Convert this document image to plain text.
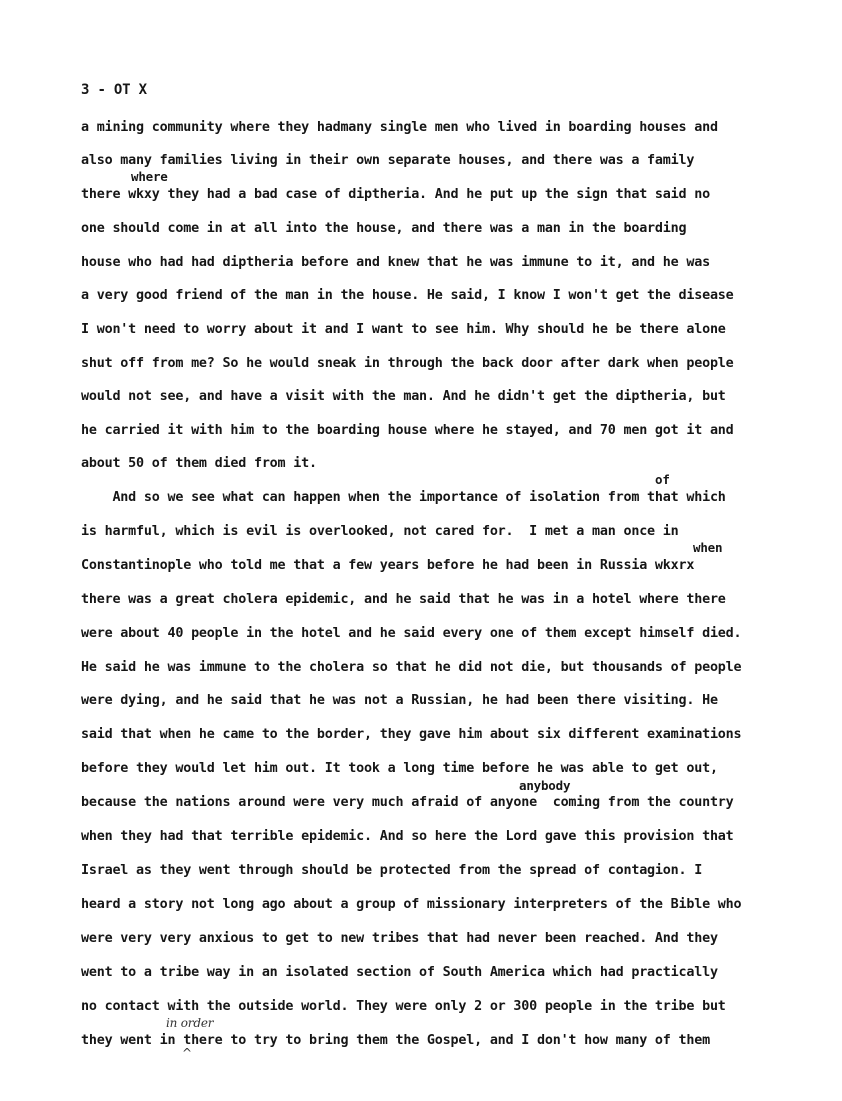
3 - OT X
a mining community where they hadmany single men who lived in boarding houses and
also many families living in their own separate houses, and there was a family
where
there wkxy they had a bad case of diptheria. And he put up the sign that said no
one should come in at all into the house, and there was a man in the boarding
house who had had diptheria before and knew that he was immune to it, and he was
a very good friend of the man in the house. He said, I know I won't get the disease
I won't need to worry about it and I want to see him. Why should he be there alone
shut off from me? So he would sneak in through the back door after dark when people
would not see, and have a visit with the man. And he didn't get the diptheria, but
he carried it with him to the boarding house where he stayed, and 70 men got it and
about 50 of them died from it.
of
And so we see what can happen when the importance of isolation from that which
is harmful, which is evil is overlooked, not cared for.  I met a man once in
when
Constantinople who told me that a few years before he had been in Russia wkxrx
there was a great cholera epidemic, and he said that he was in a hotel where there
were about 40 people in the hotel and he said every one of them except himself died.
He said he was immune to the cholera so that he did not die, but thousands of people
were dying, and he said that he was not a Russian, he had been there visiting. He
said that when he came to the border, they gave him about six different examinations
before they would let him out. It took a long time before he was able to get out,
anybody
because the nations around were very much afraid of anyone  coming from the country
when they had that terrible epidemic. And so here the Lord gave this provision that
Israel as they went through should be protected from the spread of contagion. I
heard a story not long ago about a group of missionary interpreters of the Bible who
were very very anxious to get to new tribes that had never been reached. And they
went to a tribe way in an isolated section of South America which had practically
no contact with the outside world. They were only 2 or 300 people in the tribe but
in order
they went in there to try to bring them the Gospel, and I don't how many of them
^
